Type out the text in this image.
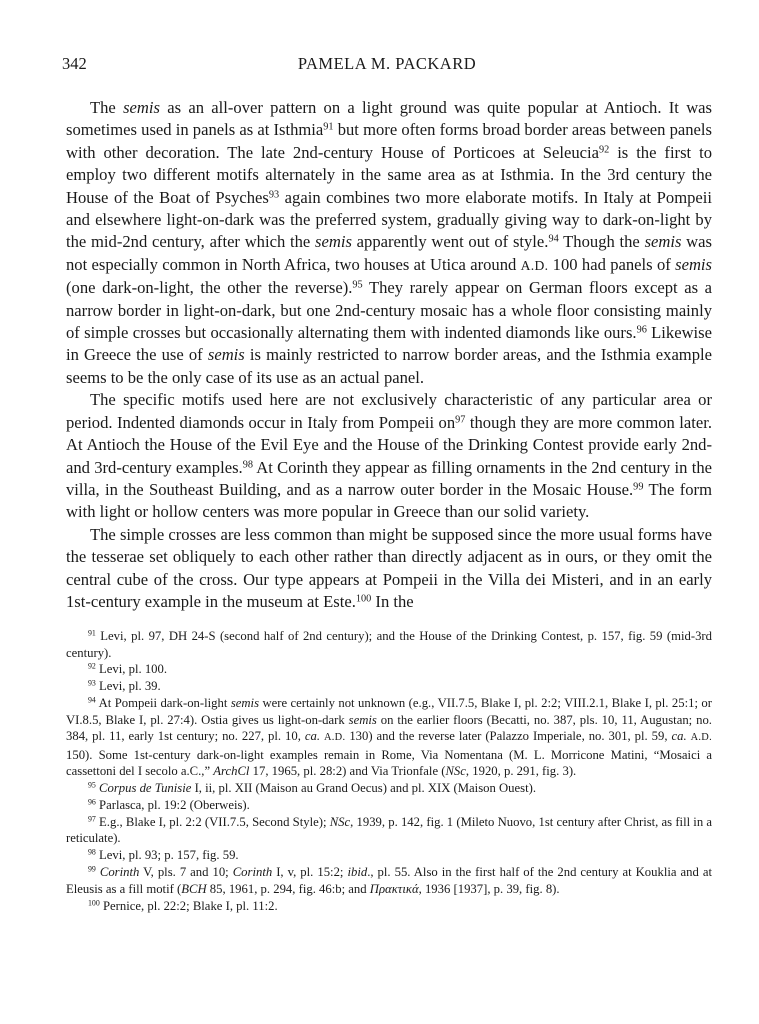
342	PAMELA M. PACKARD

The semis as an all-over pattern on a light ground was quite popular at Antioch. It was sometimes used in panels as at Isthmia$^{91}$ but more often forms broad border areas between panels with other decoration. The late 2nd-century House of Porticoes at Seleucia$^{92}$ is the first to employ two different motifs alternately in the same area as at Isthmia. In the 3rd century the House of the Boat of Psyches$^{93}$ again combines two more elaborate motifs. In Italy at Pompeii and elsewhere light-on-dark was the preferred system, gradually giving way to dark-on-light by the mid-2nd century, after which the semis apparently went out of style.$^{94}$ Though the semis was not especially common in North Africa, two houses at Utica around A.D. 100 had panels of semis (one dark-on-light, the other the reverse).$^{95}$ They rarely appear on German floors except as a narrow border in light-on-dark, but one 2nd-century mosaic has a whole floor consisting mainly of simple crosses but occasionally alternating them with indented diamonds like ours.$^{96}$ Likewise in Greece the use of semis is mainly restricted to narrow border areas, and the Isthmia example seems to be the only case of its use as an actual panel.

The specific motifs used here are not exclusively characteristic of any particular area or period. Indented diamonds occur in Italy from Pompeii $on^{97}$ though they are more common later. At Antioch the House of the Evil Eye and the House of the Drinking Contest provide early 2nd- and 3rd-century examples.$^{98}$ At Corinth they appear as filling ornaments in the 2nd century in the villa, in the Southeast Building, and as a narrow outer border in the Mosaic House.$^{99}$ The form with light or hollow centers was more popular in Greece than our solid variety.

The simple crosses are less common than might be supposed since the more usual forms have the tesserae set obliquely to each other rather than directly adjacent as in ours, or they omit the central cube of the cross. Our type appears at Pompeii in the Villa dei Misteri, and in an early 1st-century example in the museum at Este.$^{100}$ In the

$^{91}$ Levi, pl. 97, DH 24-S (second half of 2nd century); and the House of the Drinking Contest, p. 157, fig. 59 (mid-3rd century).

$^{92}$ Levi, pl. 100.

$^{93}$ Levi, pl. 39.

$^{94}$ At Pompeii dark-on-light semis were certainly not unknown (e.g., VII.7.5, Blake I, pl. 2:2; VIII.2.1, Blake I, pl. 25:1; or VI.8.5, Blake I, pl. 27:4). Ostia gives us light-on-dark semis on the earlier floors (Becatti, no. 387, pls. 10, 11, Augustan; no. 384, pl. 11, early 1st century; no. 227, pl. 10, ca. A.D. 130) and the reverse later (Palazzo Imperiale, no. 301, pl. 59, ca. A.D. 150). Some 1st-century dark-on-light examples remain in Rome, Via Nomentana (M. L. Morricone Matini, “Mosaici a cassettoni del I secolo a.C.,” ArchCl 17, 1965, pl. 28:2) and Via Trionfale (NSc, 1920, p. 291, fig. 3).

$^{95}$ Corpus de Tunisie I, ii, pl. XII (Maison au Grand Oecus) and pl. XIX (Maison Ouest).

$^{96}$ Parlasca, pl. 19:2 (Oberweis).

$^{97}$ E.g., Blake I, pl. 2:2 (VII.7.5, Second Style); NSc, 1939, p. 142, fig. 1 (Mileto Nuovo, 1st century after Christ, as fill in a reticulate).

$^{98}$ Levi, pl. 93; p. 157, fig. 59.

$^{99}$ Corinth V, pls. 7 and 10; Corinth I, v, pl. 15:2; ibid., pl. 55. Also in the first half of the 2nd century at Kouklia and at Eleusis as a fill motif (BCH 85, 1961, p. 294, fig. 46:b; and Πρακτικά, 1936 [1937], p. 39, fig. 8).

$^{100}$ Pernice, pl. 22:2; Blake I, pl. 11:2.
